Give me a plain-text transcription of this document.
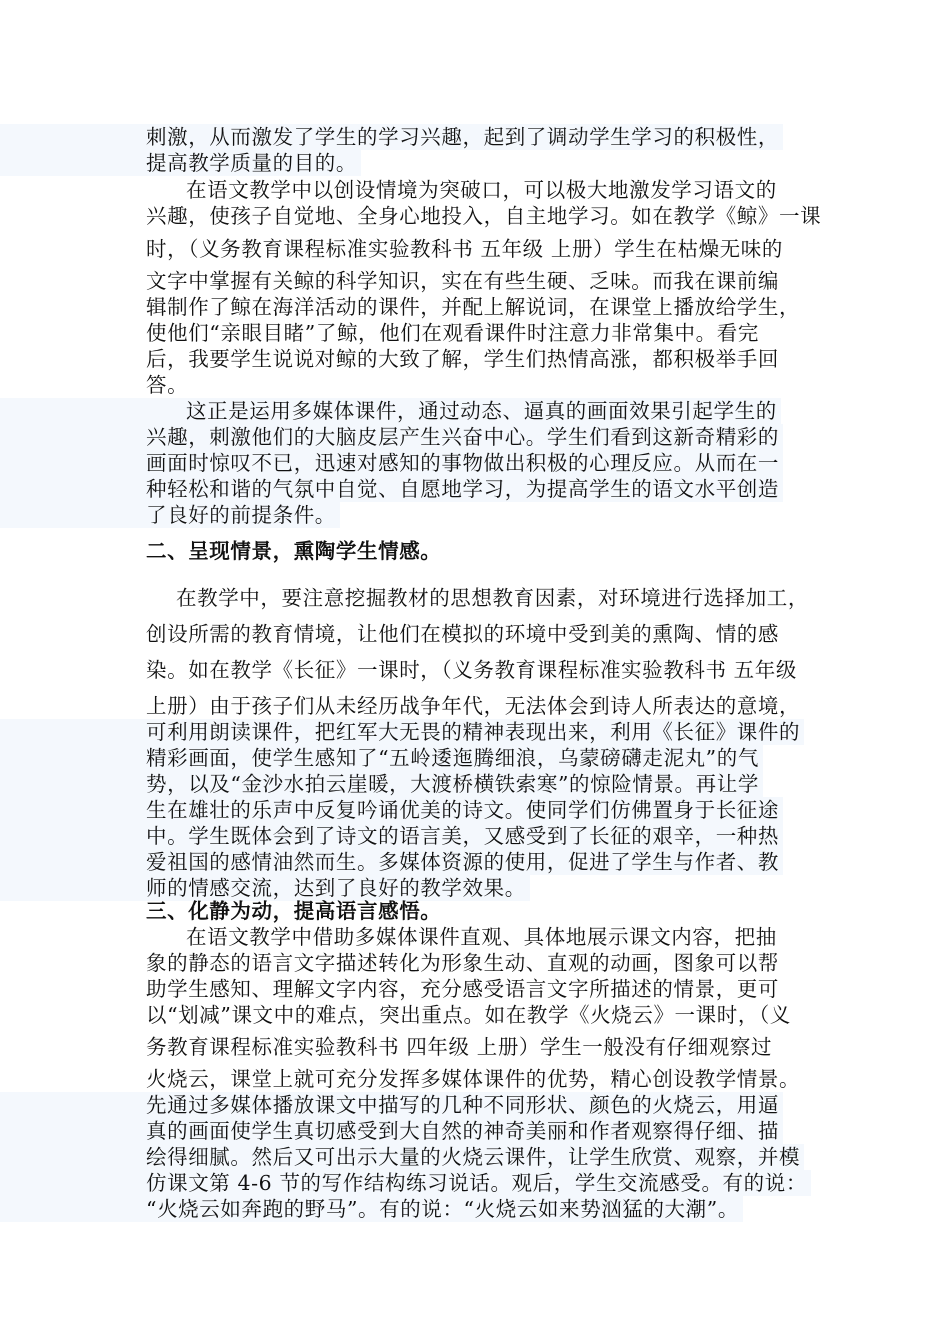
刺激，从而激发了学生的学习兴趣，起到了调动学生学习的积极性，
提高教学质量的目的。
在语文教学中以创设情境为突破口，可以极大地激发学习语文的
兴趣，使孩子自觉地、全身心地投入，自主地学习。如在教学《鲸》一课
时，（义务教育课程标准实验教科书 五年级 上册）学生在枯燥无味的
文字中掌握有关鲸的科学知识，实在有些生硬、乏味。而我在课前编
辑制作了鲸在海洋活动的课件，并配上解说词，在课堂上播放给学生，
使他们“亲眼目睹”了鲸，他们在观看课件时注意力非常集中。看完
后，我要学生说说对鲸的大致了解，学生们热情高涨，都积极举手回
答。
这正是运用多媒体课件，通过动态、逼真的画面效果引起学生的
兴趣，刺激他们的大脑皮层产生兴奋中心。学生们看到这新奇精彩的
画面时惊叹不已，迅速对感知的事物做出积极的心理反应。从而在一
种轻松和谐的气氛中自觉、自愿地学习，为提高学生的语文水平创造
了良好的前提条件。
二、呈现情景，熏陶学生情感。
在教学中，要注意挖掘教材的思想教育因素，对环境进行选择加工，
创设所需的教育情境，让他们在模拟的环境中受到美的熏陶、情的感
染。如在教学《长征》一课时，（义务教育课程标准实验教科书 五年级
上册）由于孩子们从未经历战争年代，无法体会到诗人所表达的意境，
可利用朗读课件，把红军大无畏的精神表现出来，利用《长征》课件的
精彩画面，使学生感知了“五岭逶迤腾细浪，乌蒙磅礴走泥丸”的气
势，以及“金沙水拍云崖暖，大渡桥横铁索寒”的惊险情景。再让学
生在雄壮的乐声中反复吟诵优美的诗文。使同学们仿佛置身于长征途
中。学生既体会到了诗文的语言美，又感受到了长征的艰辛，一种热
爱祖国的感情油然而生。多媒体资源的使用，促进了学生与作者、教
师的情感交流，达到了良好的教学效果。
三、化静为动，提高语言感悟。
在语文教学中借助多媒体课件直观、具体地展示课文内容，把抽
象的静态的语言文字描述转化为形象生动、直观的动画，图象可以帮
助学生感知、理解文字内容，充分感受语言文字所描述的情景，更可
以“划减”课文中的难点，突出重点。如在教学《火烧云》一课时，（义
务教育课程标准实验教科书 四年级 上册）学生一般没有仔细观察过
火烧云，课堂上就可充分发挥多媒体课件的优势，精心创设教学情景。
先通过多媒体播放课文中描写的几种不同形状、颜色的火烧云，用逼
真的画面使学生真切感受到大自然的神奇美丽和作者观察得仔细、描
绘得细腻。然后又可出示大量的火烧云课件，让学生欣赏、观察，并模
仿课文第 4-6 节的写作结构练习说话。观后，学生交流感受。有的说：
“火烧云如奔跑的野马”。有的说：“火烧云如来势汹猛的大潮”。
